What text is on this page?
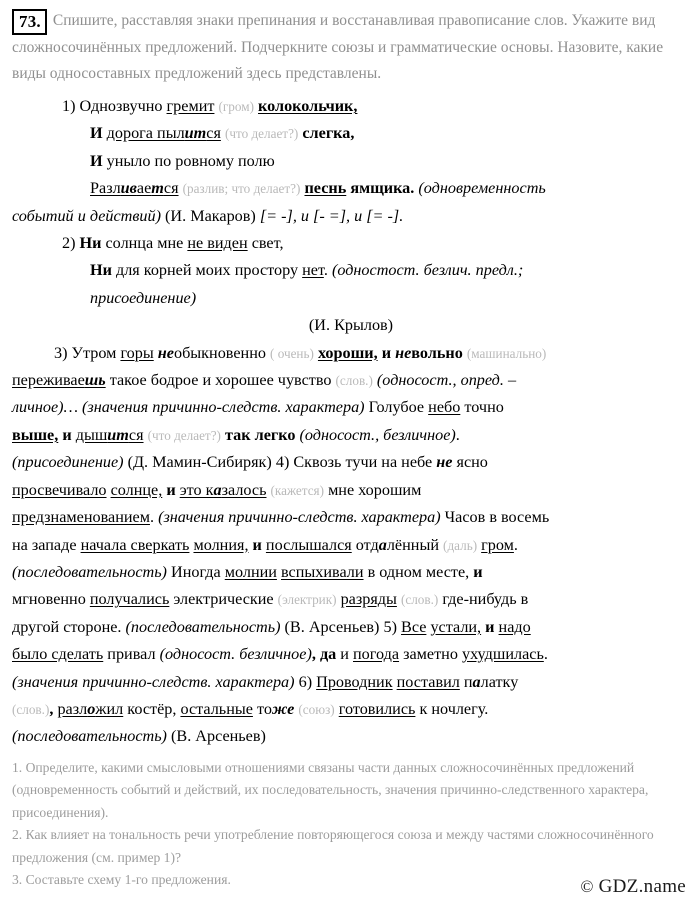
73. Спишите, расставляя знаки препинания и восстанавливая правописание слов. Укажите вид сложносочинённых предложений. Подчеркните союзы и грамматические основы. Назовите, какие виды односоставных предложений здесь представлены.

1) Однозвучно гремит (гром) колокольчик,

И дорога пылится (что делает?) слегка,

И уныло по ровному полю

Разливается (разлив; что делает?) песнь ямщика. (одновременность

событий и действий) (И. Макаров) [= -], и [- =], и [= -].

2) Ни солнца мне не виден свет,

Ни для корней моих простору нет. (одностост. безлич. предл.;

присоединение)

(И. Крылов)

3) Утром горы необыкновенно ( очень) хороши, и невольно (машинально)

переживаешь такое бодрое и хорошее чувство (слов.) (односост., опред. –

личное)… (значения причинно-следств. характера) Голубое небо точно

выше, и дышится (что делает?) так легко (односост., безличное).

(присоединение) (Д. Мамин-Сибиряк) 4) Сквозь тучи на небе не ясно

просвечивало солнце, и это казалось (кажется) мне хорошим

предзнаменованием. (значения причинно-следств. характера) Часов в восемь

на западе начала сверкать молния, и послышался отдалённый (даль) гром.

(последовательность) Иногда молнии вспыхивали в одном месте, и

мгновенно получались электрические (электрик) разряды (слов.) где-нибудь в

другой стороне. (последовательность) (В. Арсеньев) 5) Все устали, и надо

было сделать привал (односост. безличное), да и погода заметно ухудшилась.

(значения причинно-следств. характера) 6) Проводник поставил палатку

(слов.), разложил костёр, остальные тоже (союз) готовились к ночлегу.

(последовательность) (В. Арсеньев)

1. Определите, какими смысловыми отношениями связаны части данных сложносочинённых предложений (одновременность событий и действий, их последовательность, значения причинно-следственного характера, присоединения).

2. Как влияет на тональность речи употребление повторяющегося союза и между частями сложносочинённого предложения (см. пример 1)?

3. Составьте схему 1-го предложения.	© GDZ.name
